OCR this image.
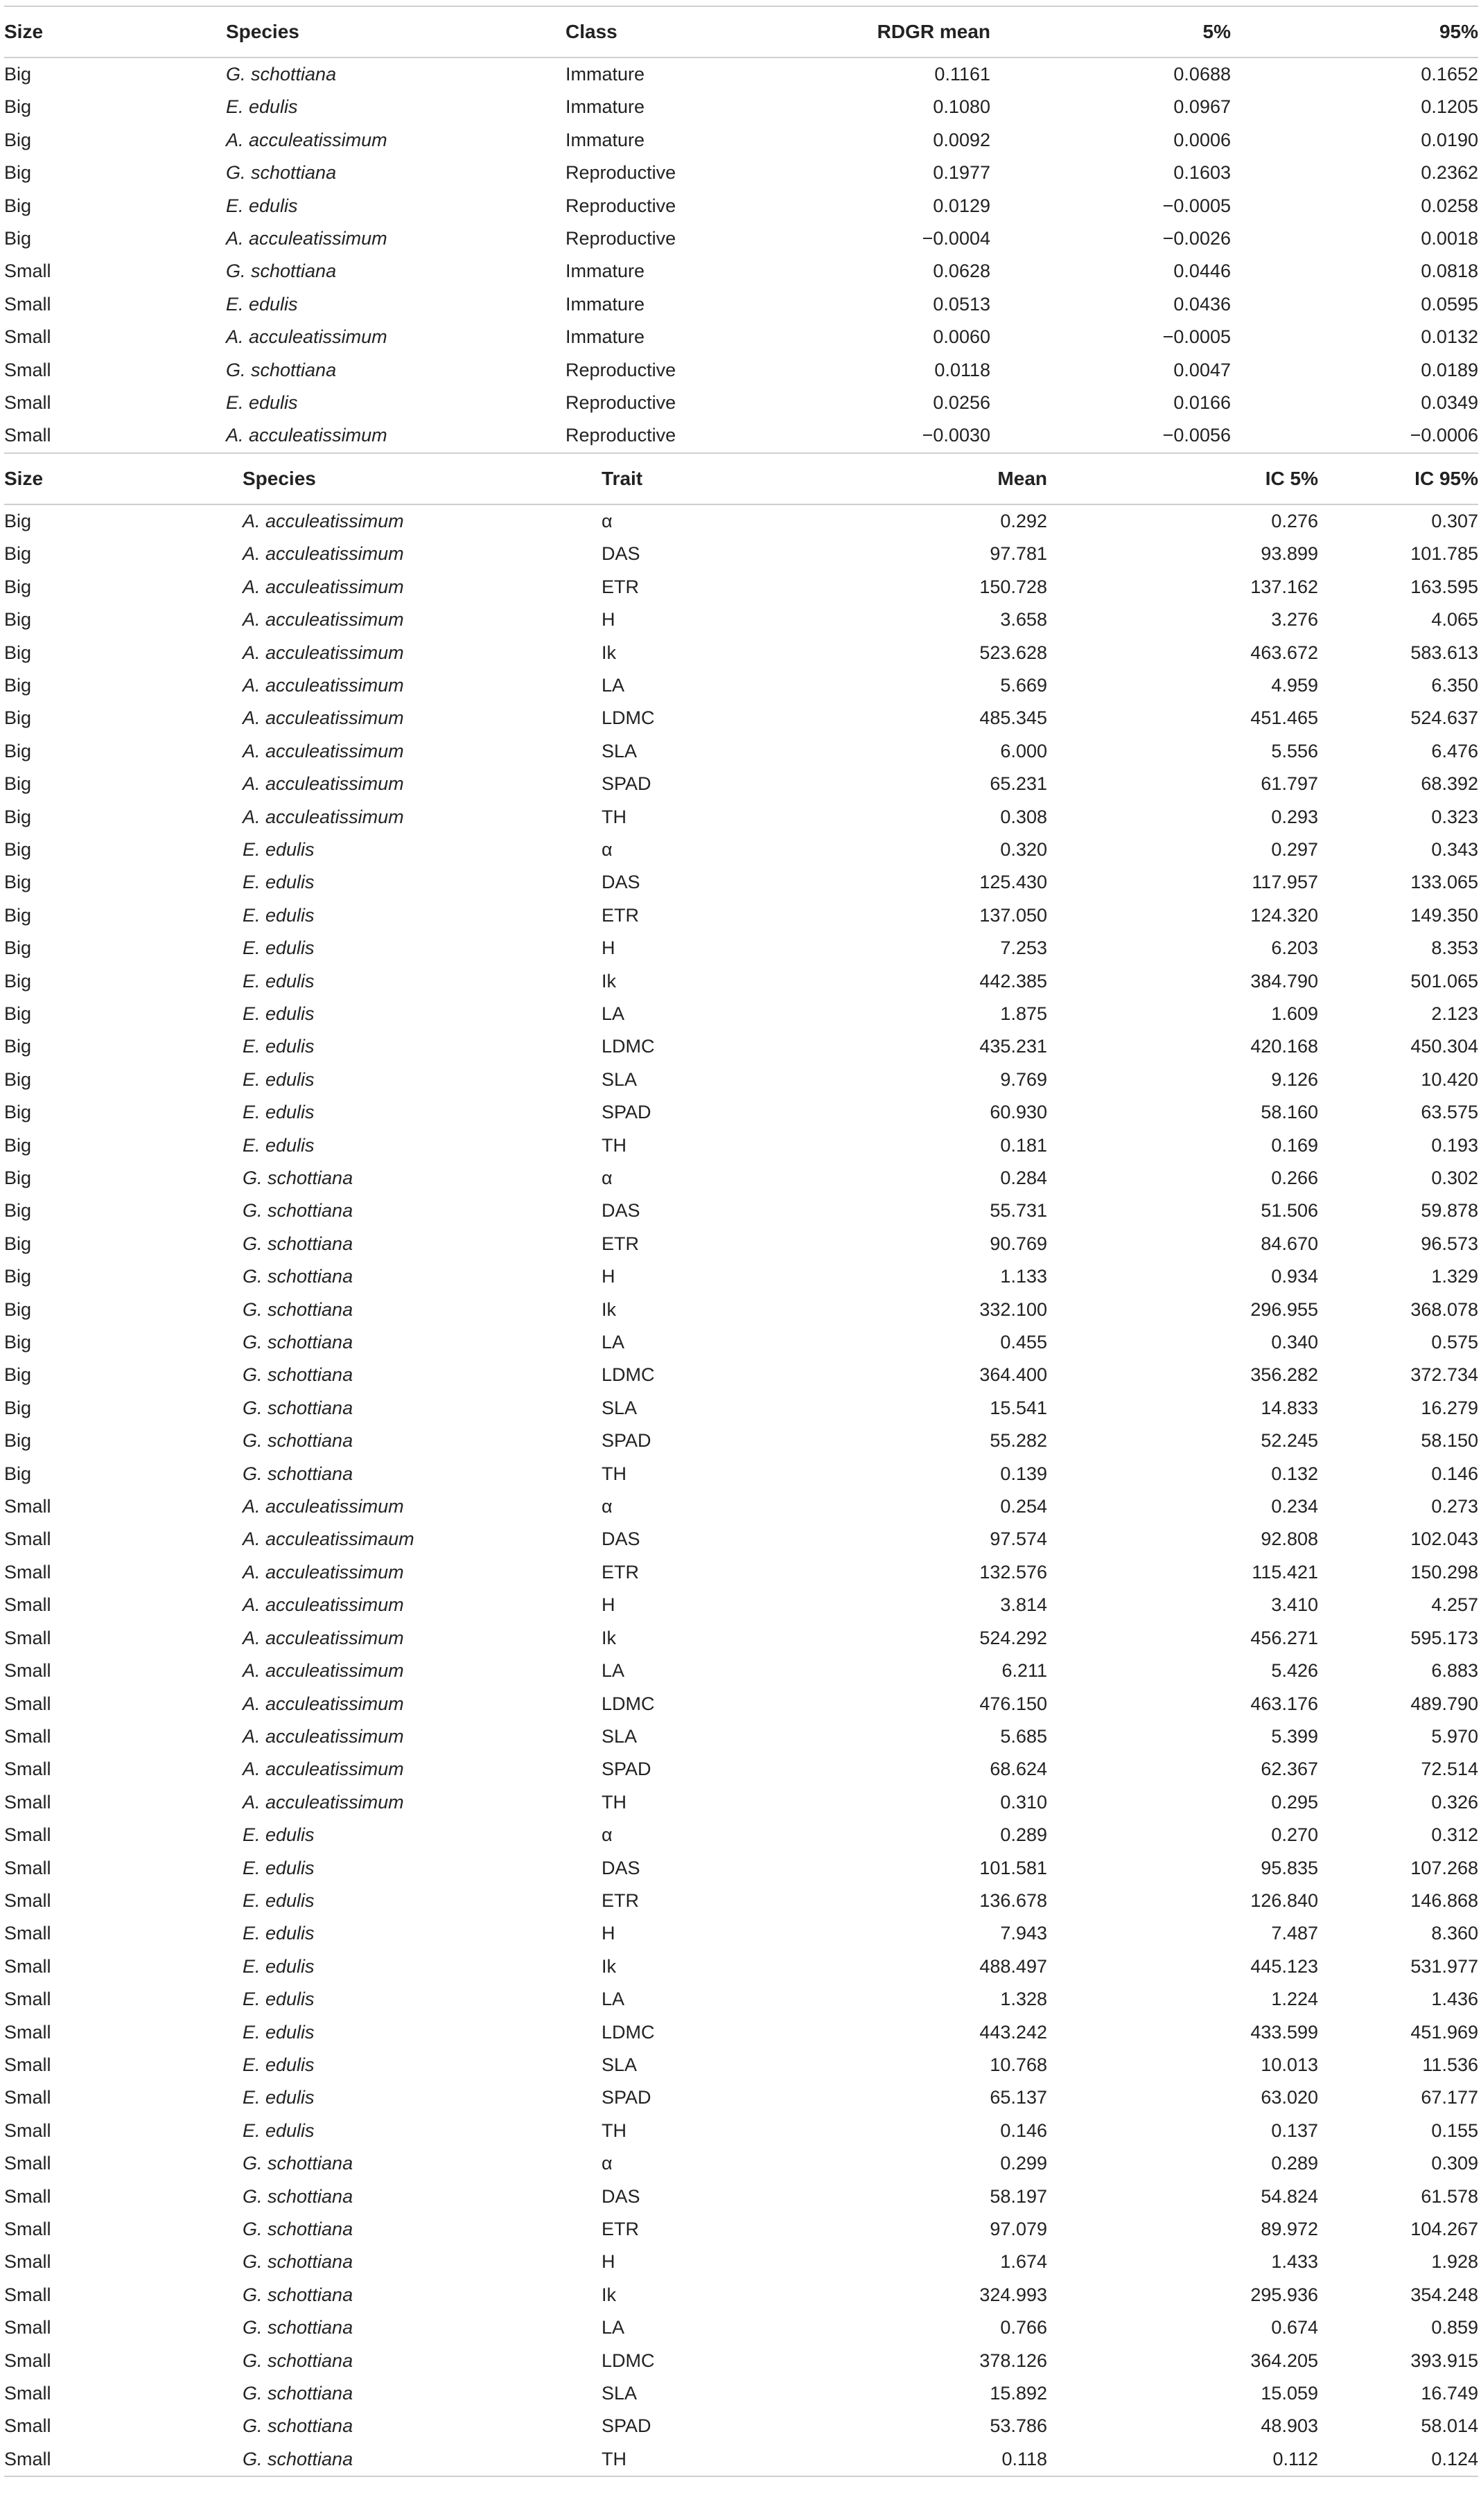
Size	Species	Class	RDGR mean	5%	95%
Big	G. schottiana	Immature	0.1161	0.0688	0.1652
Big	E. edulis	Immature	0.1080	0.0967	0.1205
Big	A. acculeatissimum	Immature	0.0092	0.0006	0.0190
Big	G. schottiana	Reproductive	0.1977	0.1603	0.2362
Big	E. edulis	Reproductive	0.0129	−0.0005	0.0258
Big	A. acculeatissimum	Reproductive	−0.0004	−0.0026	0.0018
Small	G. schottiana	Immature	0.0628	0.0446	0.0818
Small	E. edulis	Immature	0.0513	0.0436	0.0595
Small	A. acculeatissimum	Immature	0.0060	−0.0005	0.0132
Small	G. schottiana	Reproductive	0.0118	0.0047	0.0189
Small	E. edulis	Reproductive	0.0256	0.0166	0.0349
Small	A. acculeatissimum	Reproductive	−0.0030	−0.0056	−0.0006
Size	Species	Trait	Mean	IC 5%	IC 95%
Big	A. acculeatissimum	α	0.292	0.276	0.307
Big	A. acculeatissimum	DAS	97.781	93.899	101.785
Big	A. acculeatissimum	ETR	150.728	137.162	163.595
Big	A. acculeatissimum	H	3.658	3.276	4.065
Big	A. acculeatissimum	Ik	523.628	463.672	583.613
Big	A. acculeatissimum	LA	5.669	4.959	6.350
Big	A. acculeatissimum	LDMC	485.345	451.465	524.637
Big	A. acculeatissimum	SLA	6.000	5.556	6.476
Big	A. acculeatissimum	SPAD	65.231	61.797	68.392
Big	A. acculeatissimum	TH	0.308	0.293	0.323
Big	E. edulis	α	0.320	0.297	0.343
Big	E. edulis	DAS	125.430	117.957	133.065
Big	E. edulis	ETR	137.050	124.320	149.350
Big	E. edulis	H	7.253	6.203	8.353
Big	E. edulis	Ik	442.385	384.790	501.065
Big	E. edulis	LA	1.875	1.609	2.123
Big	E. edulis	LDMC	435.231	420.168	450.304
Big	E. edulis	SLA	9.769	9.126	10.420
Big	E. edulis	SPAD	60.930	58.160	63.575
Big	E. edulis	TH	0.181	0.169	0.193
Big	G. schottiana	α	0.284	0.266	0.302
Big	G. schottiana	DAS	55.731	51.506	59.878
Big	G. schottiana	ETR	90.769	84.670	96.573
Big	G. schottiana	H	1.133	0.934	1.329
Big	G. schottiana	Ik	332.100	296.955	368.078
Big	G. schottiana	LA	0.455	0.340	0.575
Big	G. schottiana	LDMC	364.400	356.282	372.734
Big	G. schottiana	SLA	15.541	14.833	16.279
Big	G. schottiana	SPAD	55.282	52.245	58.150
Big	G. schottiana	TH	0.139	0.132	0.146
Small	A. acculeatissimum	α	0.254	0.234	0.273
Small	A. acculeatissimaum	DAS	97.574	92.808	102.043
Small	A. acculeatissimum	ETR	132.576	115.421	150.298
Small	A. acculeatissimum	H	3.814	3.410	4.257
Small	A. acculeatissimum	Ik	524.292	456.271	595.173
Small	A. acculeatissimum	LA	6.211	5.426	6.883
Small	A. acculeatissimum	LDMC	476.150	463.176	489.790
Small	A. acculeatissimum	SLA	5.685	5.399	5.970
Small	A. acculeatissimum	SPAD	68.624	62.367	72.514
Small	A. acculeatissimum	TH	0.310	0.295	0.326
Small	E. edulis	α	0.289	0.270	0.312
Small	E. edulis	DAS	101.581	95.835	107.268
Small	E. edulis	ETR	136.678	126.840	146.868
Small	E. edulis	H	7.943	7.487	8.360
Small	E. edulis	Ik	488.497	445.123	531.977
Small	E. edulis	LA	1.328	1.224	1.436
Small	E. edulis	LDMC	443.242	433.599	451.969
Small	E. edulis	SLA	10.768	10.013	11.536
Small	E. edulis	SPAD	65.137	63.020	67.177
Small	E. edulis	TH	0.146	0.137	0.155
Small	G. schottiana	α	0.299	0.289	0.309
Small	G. schottiana	DAS	58.197	54.824	61.578
Small	G. schottiana	ETR	97.079	89.972	104.267
Small	G. schottiana	H	1.674	1.433	1.928
Small	G. schottiana	Ik	324.993	295.936	354.248
Small	G. schottiana	LA	0.766	0.674	0.859
Small	G. schottiana	LDMC	378.126	364.205	393.915
Small	G. schottiana	SLA	15.892	15.059	16.749
Small	G. schottiana	SPAD	53.786	48.903	58.014
Small	G. schottiana	TH	0.118	0.112	0.124
